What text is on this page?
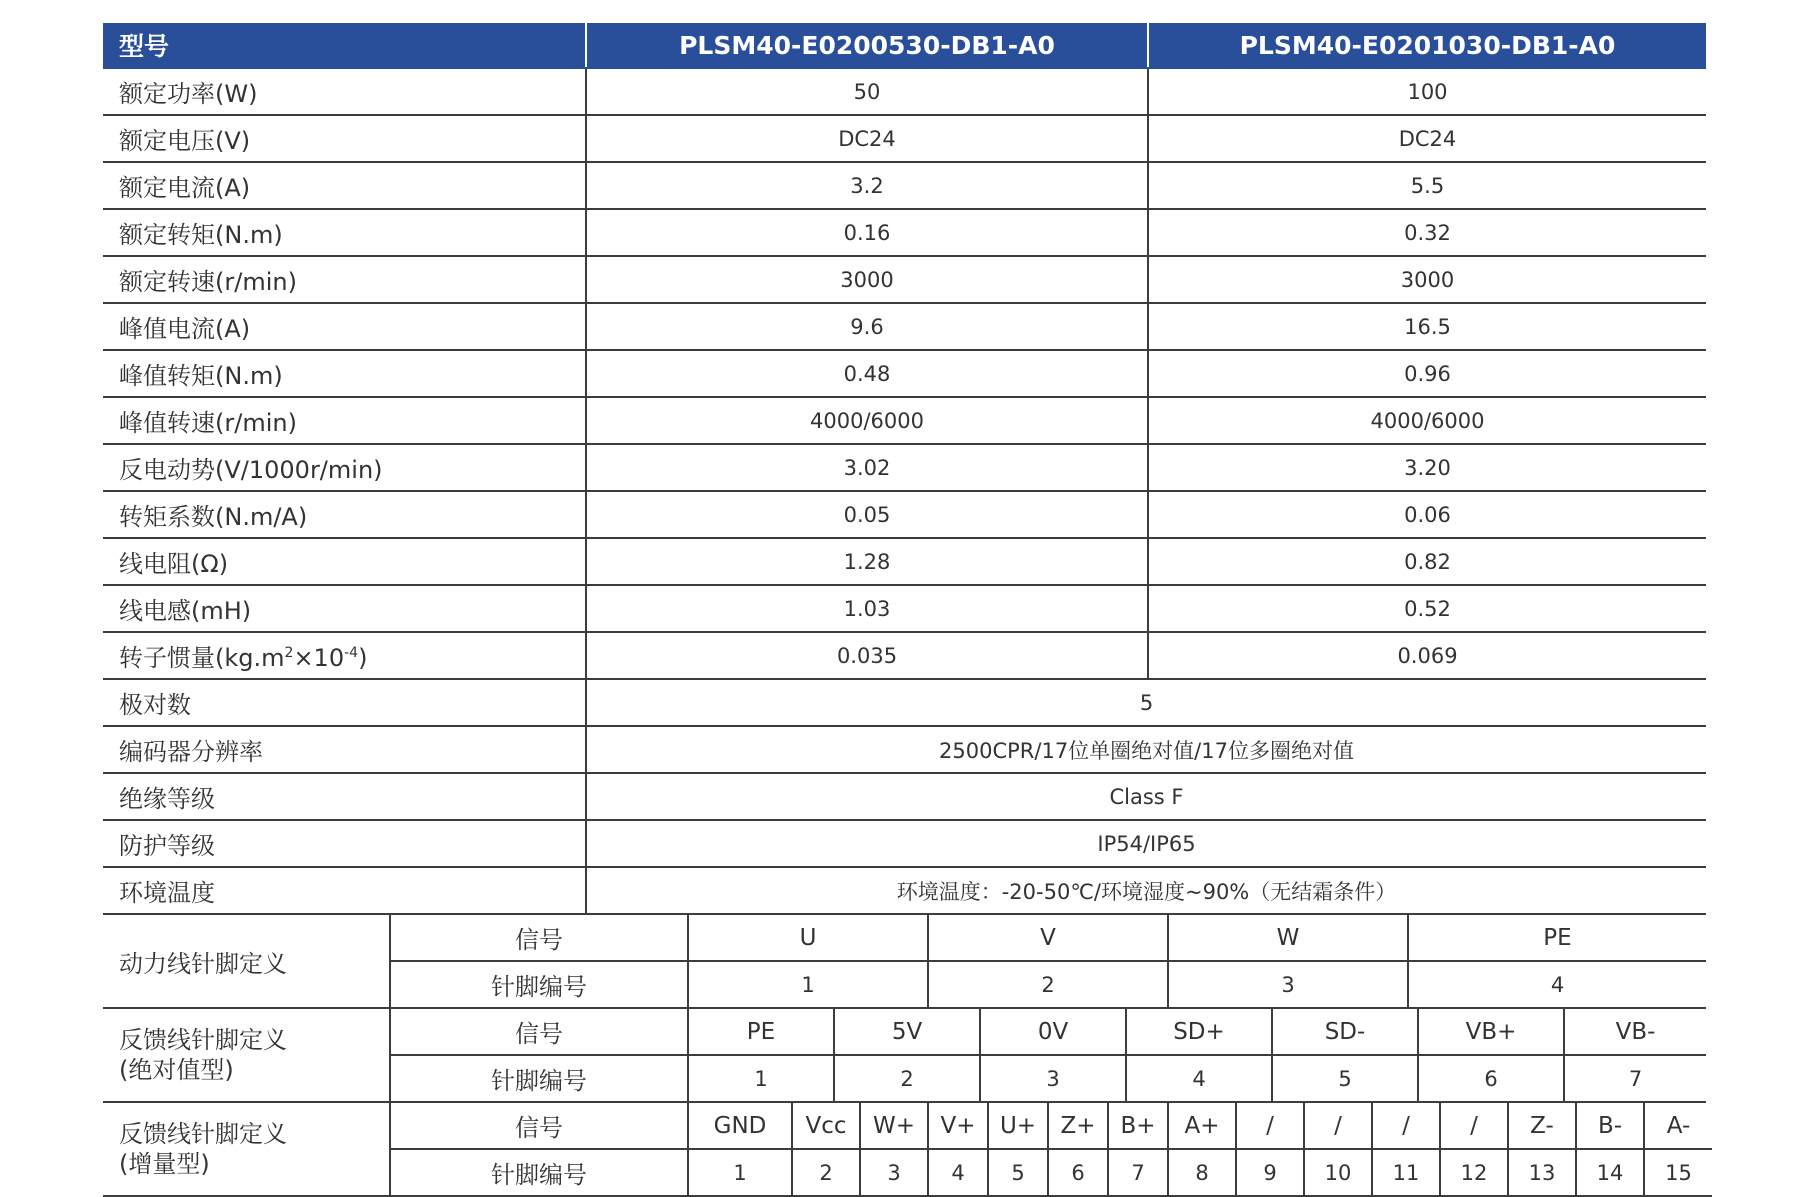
型号	PLSM40-E0200530-DB1-A0	PLSM40-E0201030-DB1-A0
额定功率(W)	50	100
额定电压(V)	DC24	DC24
额定电流(A)	3.2	5.5
额定转矩(N.m)	0.16	0.32
额定转速(r/min)	3000	3000
峰值电流(A)	9.6	16.5
峰值转矩(N.m)	0.48	0.96
峰值转速(r/min)	4000/6000	4000/6000
反电动势(V/1000r/min)	3.02	3.20
转矩系数(N.m/A)	0.05	0.06
线电阻(Ω)	1.28	0.82
线电感(mH)	1.03	0.52
转子惯量$(kg.m^2\times 10^{-4})$	0.035	0.069
极对数	5	
编码器分辨率	2500CPR/17位单圈绝对值/17位多圈绝对值	
绝缘等级	Class F	
防护等级	IP54/IP65	
环境温度	环境温度：-20-50℃/环境湿度~90%（无结霜条件）	
动力线针脚定义	信号	U	V	W	PE
	针脚编号	1	2	3	4
反馈线针脚定义
(绝对值型)	信号	PE	5V	0V	SD+	SD-	VB+	VB-
	针脚编号	1	2	3	4	5	6	7
反馈线针脚定义
(增量型)	信号	GND	Vcc	W+	V+	U+	Z+	B+	A+	/	/	/	/	Z-	B-	A-
	针脚编号	1	2	3	4	5	6	7	8	9	10	11	12	13	14	15
